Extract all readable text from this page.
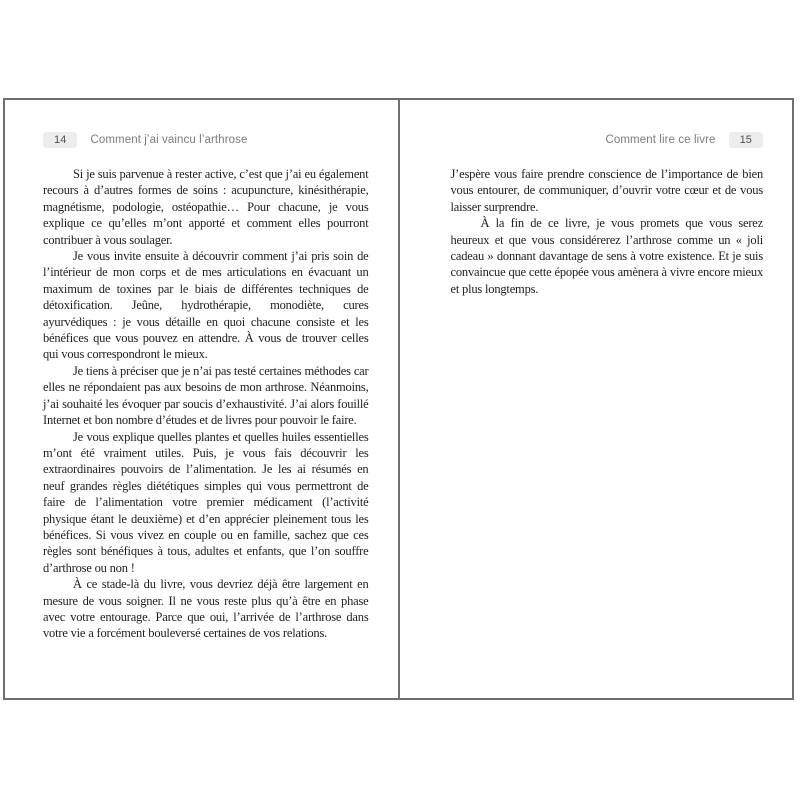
14	Comment j’ai vaincu l’arthrose

Si je suis parvenue à rester active, c’est que j’ai eu également recours à d’autres formes de soins : acupuncture, kinésithérapie, magnétisme, podologie, ostéopathie… Pour chacune, je vous explique ce qu’elles m’ont apporté et comment elles pourront contribuer à vous soulager.

Je vous invite ensuite à découvrir comment j’ai pris soin de l’intérieur de mon corps et de mes articulations en évacuant un maximum de toxines par le biais de différentes techniques de détoxification. Jeûne, hydrothérapie, monodiète, cures ayurvédiques : je vous détaille en quoi chacune consiste et les bénéfices que vous pouvez en attendre. À vous de trouver celles qui vous correspondront le mieux.

Je tiens à préciser que je n’ai pas testé certaines méthodes car elles ne répondaient pas aux besoins de mon arthrose. Néanmoins, j’ai souhaité les évoquer par soucis d’exhaustivité. J’ai alors fouillé Internet et bon nombre d’études et de livres pour pouvoir le faire.

Je vous explique quelles plantes et quelles huiles essentielles m’ont été vraiment utiles. Puis, je vous fais découvrir les extraordinaires pouvoirs de l’alimentation. Je les ai résumés en neuf grandes règles diététiques simples qui vous permettront de faire de l’alimentation votre premier médicament (l’activité physique étant le deuxième) et d’en apprécier pleinement tous les bénéfices. Si vous vivez en couple ou en famille, sachez que ces règles sont bénéfiques à tous, adultes et enfants, que l’on souffre d’arthrose ou non !

À ce stade-là du livre, vous devriez déjà être largement en mesure de vous soigner. Il ne vous reste plus qu’à être en phase avec votre entourage. Parce que oui, l’arrivée de l’arthrose dans votre vie a forcément bouleversé certaines de vos relations.

Comment lire ce livre	15

J’espère vous faire prendre conscience de l’importance de bien vous entourer, de communiquer, d’ouvrir votre cœur et de vous laisser surprendre.

À la fin de ce livre, je vous promets que vous serez heureux et que vous considérerez l’arthrose comme un « joli cadeau » donnant davantage de sens à votre existence. Et je suis convaincue que cette épopée vous amènera à vivre encore mieux et plus longtemps.
